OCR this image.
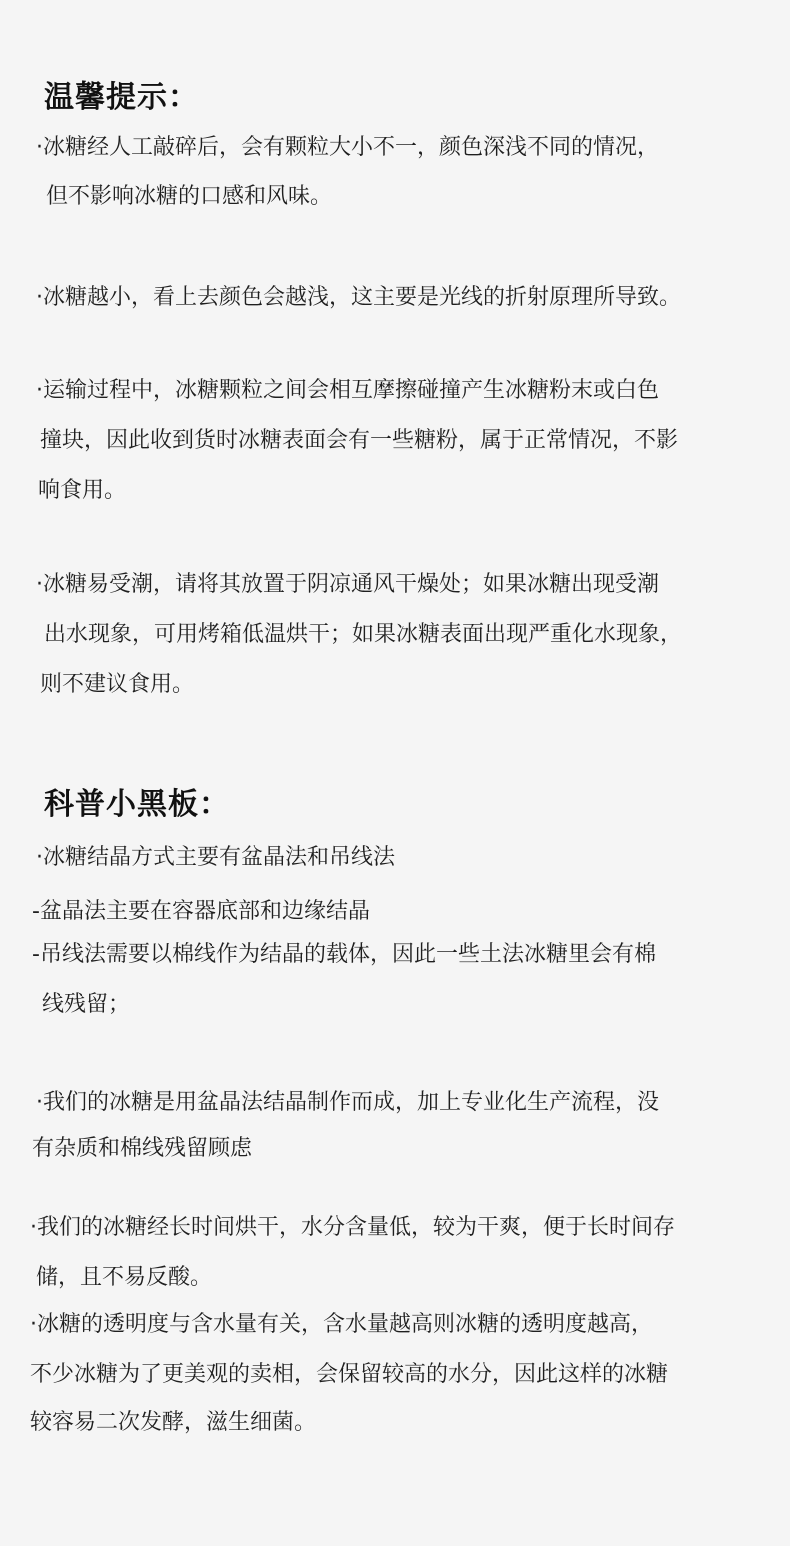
温馨提示：
·冰糖经人工敲碎后，会有颗粒大小不一，颜色深浅不同的情况，
但不影响冰糖的口感和风味。
·冰糖越小，看上去颜色会越浅，这主要是光线的折射原理所导致。
·运输过程中，冰糖颗粒之间会相互摩擦碰撞产生冰糖粉末或白色
撞块，因此收到货时冰糖表面会有一些糖粉，属于正常情况，不影
响食用。
·冰糖易受潮，请将其放置于阴凉通风干燥处；如果冰糖出现受潮
出水现象，可用烤箱低温烘干；如果冰糖表面出现严重化水现象，
则不建议食用。
科普小黑板：
·冰糖结晶方式主要有盆晶法和吊线法
-盆晶法主要在容器底部和边缘结晶
-吊线法需要以棉线作为结晶的载体，因此一些土法冰糖里会有棉
线残留；
·我们的冰糖是用盆晶法结晶制作而成，加上专业化生产流程，没
有杂质和棉线残留顾虑
·我们的冰糖经长时间烘干，水分含量低，较为干爽，便于长时间存
储，且不易反酸。
·冰糖的透明度与含水量有关，含水量越高则冰糖的透明度越高，
不少冰糖为了更美观的卖相，会保留较高的水分，因此这样的冰糖
较容易二次发酵，滋生细菌。
